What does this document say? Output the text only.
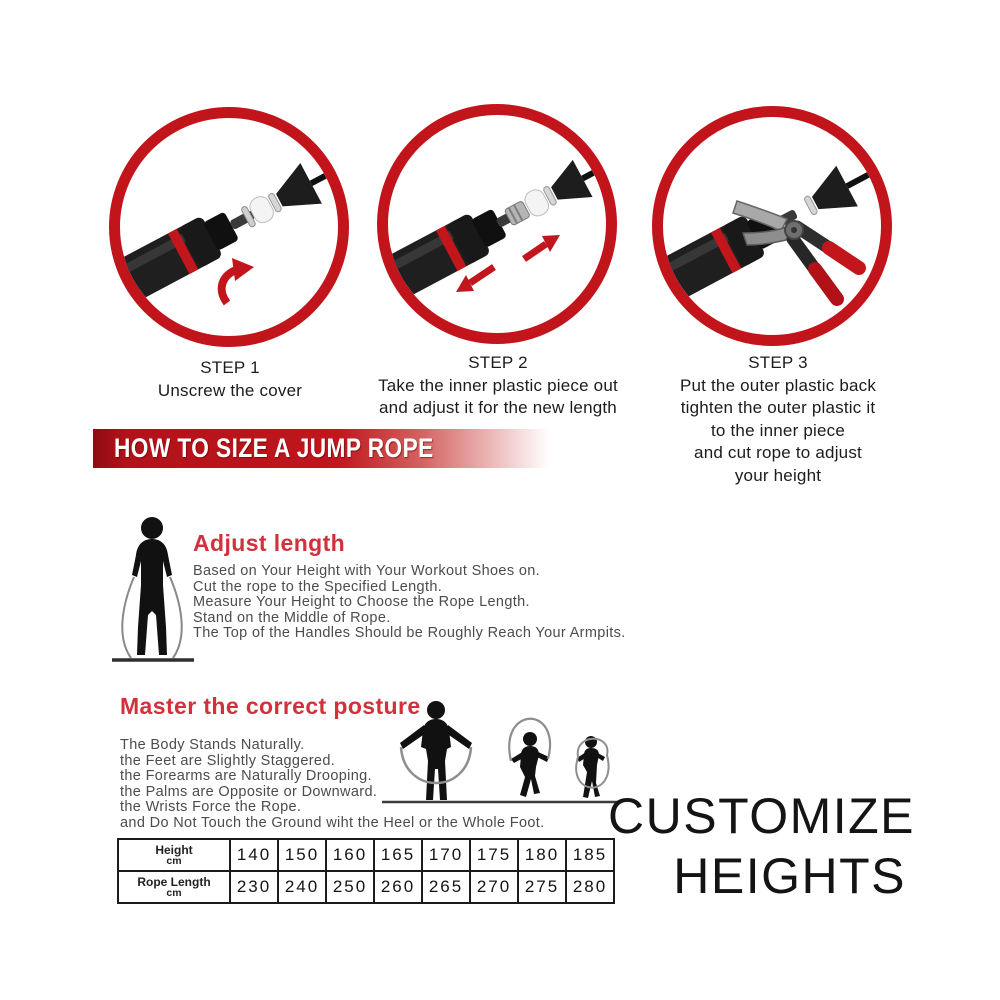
STEP 1
Unscrew the cover
STEP 2
Take the inner plastic piece out
and adjust it for the new length
STEP 3
Put the outer plastic back
tighten the outer plastic it
to the inner piece
and cut rope to adjust
your height
HOW TO SIZE A JUMP ROPE
Adjust length
Based on Your Height with Your Workout Shoes on.
Cut the rope to the Specified Length.
Measure Your Height to Choose the Rope Length.
Stand on the Middle of Rope.
The Top of the Handles Should be Roughly Reach Your Armpits.
Master the correct posture
The Body Stands Naturally.
the Feet are Slightly Staggered.
the Forearms are Naturally Drooping.
the Palms are Opposite or Downward.
the Wrists Force the Rope.
and Do Not Touch the Ground wiht the Heel or the Whole Foot.
Height
cm	140	150	160	165	170	175	180	185

Rope Length
cm	230	240	250	260	265	270	275	280
CUSTOMIZE
HEIGHTS
